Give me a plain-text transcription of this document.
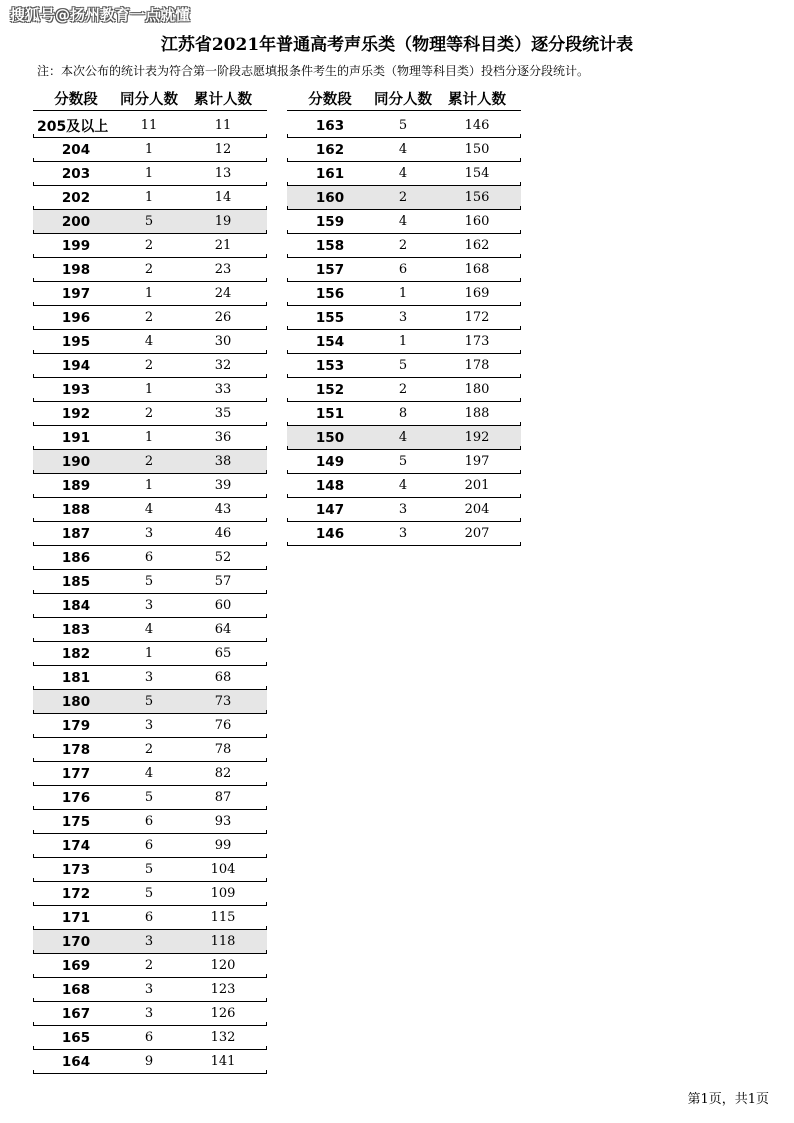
搜狐号@扬州教育一点就懂
江苏省2021年普通高考声乐类（物理等科目类）逐分段统计表
注：本次公布的统计表为符合第一阶段志愿填报条件考生的声乐类（物理等科目类）投档分逐分段统计。
分数段	同分人数	累计人数
205及以上	11	11
204	1	12
203	1	13
202	1	14
200	5	19
199	2	21
198	2	23
197	1	24
196	2	26
195	4	30
194	2	32
193	1	33
192	2	35
191	1	36
190	2	38
189	1	39
188	4	43
187	3	46
186	6	52
185	5	57
184	3	60
183	4	64
182	1	65
181	3	68
180	5	73
179	3	76
178	2	78
177	4	82
176	5	87
175	6	93
174	6	99
173	5	104
172	5	109
171	6	115
170	3	118
169	2	120
168	3	123
167	3	126
165	6	132
164	9	141
分数段	同分人数	累计人数
163	5	146
162	4	150
161	4	154
160	2	156
159	4	160
158	2	162
157	6	168
156	1	169
155	3	172
154	1	173
153	5	178
152	2	180
151	8	188
150	4	192
149	5	197
148	4	201
147	3	204
146	3	207
第1页，共1页
